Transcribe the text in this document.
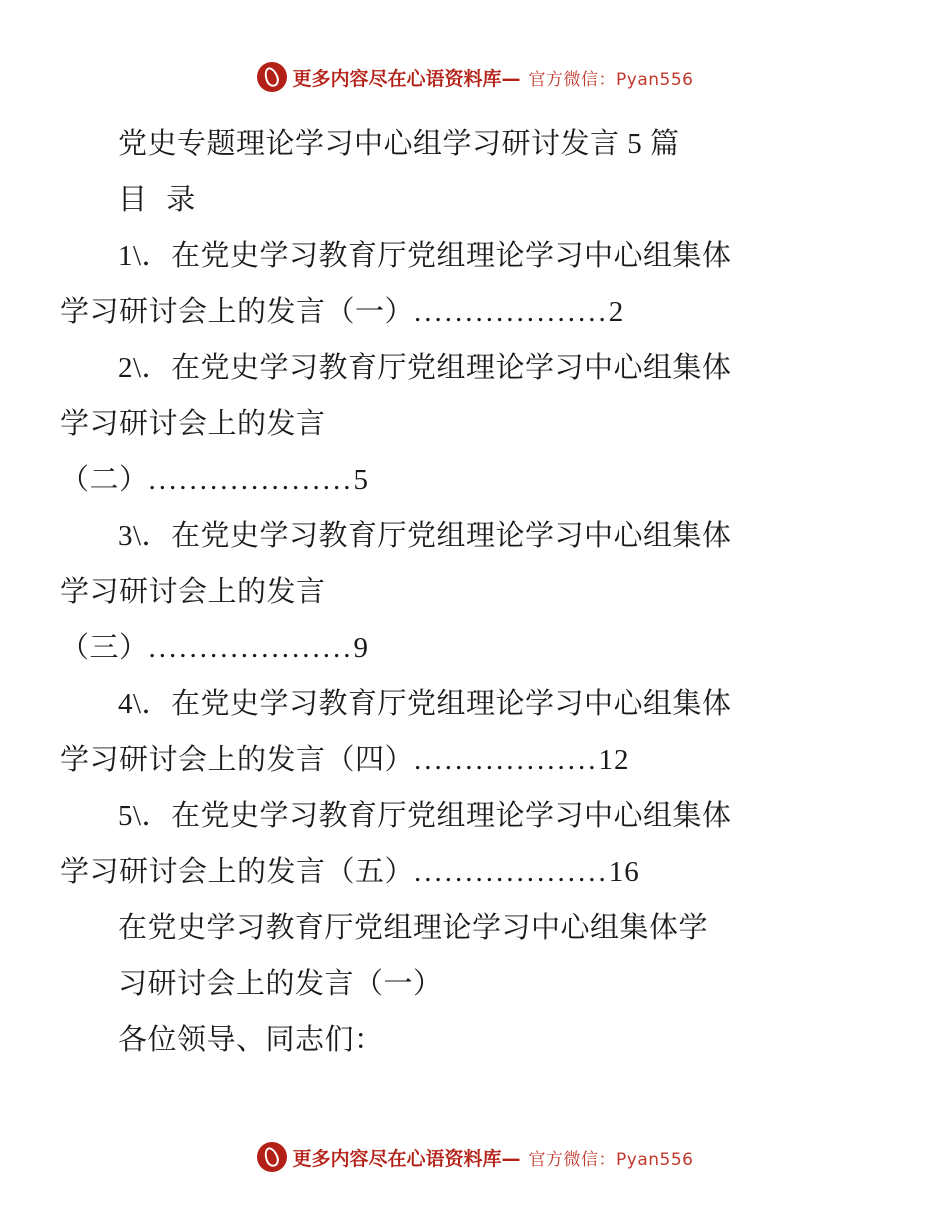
更多内容尽在心语资料库— 官方微信：Pyan556
党史专题理论学习中心组学习研讨发言 5 篇
目 录
1\．在党史学习教育厅党组理论学习中心组集体
学习研讨会上的发言（一）...................2
2\．在党史学习教育厅党组理论学习中心组集体
学习研讨会上的发言
（二）....................5
3\．在党史学习教育厅党组理论学习中心组集体
学习研讨会上的发言
（三）....................9
4\．在党史学习教育厅党组理论学习中心组集体
学习研讨会上的发言（四）..................12
5\．在党史学习教育厅党组理论学习中心组集体
学习研讨会上的发言（五）...................16
在党史学习教育厅党组理论学习中心组集体学
习研讨会上的发言（一）
各位领导、同志们：
更多内容尽在心语资料库— 官方微信：Pyan556
